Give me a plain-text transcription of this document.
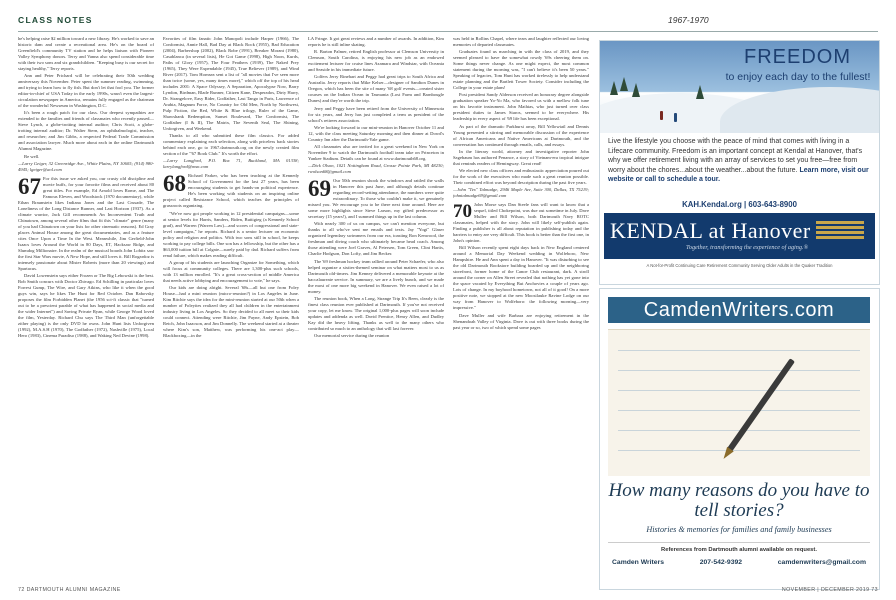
CLASS NOTES	1967-1970

he's helping raise $2 million toward a new library. He's worked to save an historic dam and create a recreational area. He's on the board of Greenfield's community TV station and he helps liaison with Pioneer Valley Symphony donors. Terry and Vanna also spend considerable time with their two sons and six grandchildren. "Keeping busy is our secret for staying healthy," Terry reports.

Ann and Peter Prichard will be celebrating their 50th wedding anniversary this November. Peter spent the summer reading, swimming, and trying to learn how to fly fish. But don't let that fool you. The former editor-in-chief of USA Today in the early 1990s, wasn't even the largest-circulation newspaper in America, remains fully engaged as the chairman of the wonderful Newseum in Washington, D.C.

It's been a rough patch for our class. Our deepest sympathies are extended to the families and friends of classmates who recently passed—Steve Lynch, a globe-trotting internal auditor; Chris Scott, a globe-trotting internal auditor; Dr. Walter Stern, an ophthalmologist, teacher, and researcher; and Jim Gibbs, a respected Federal Trade Commission and association lawyer. Much more about each in the online Dartmouth Alumni Magazine.

Be well.

—Larry Geiger, 32 Greenridge Ave., White Plains, NY 10605; (914) 980-4945; lgeiger@aol.com

67 For this issue we asked you, our crusty old discipline and movie buffs, for your favorite films and received about 80 great titles. For example, Ed Arnold loves Rome, and The Famous Eleven, and Woodstock (1970 documentary), while Ethan Braunstein likes Indiana Jones and the Last Crusade, The Loneliness of the Long Distance Runner, and Last Horizon (1937). As a climate warrior, Jack Gill recommends An Inconvenient Truth and Chinatown, among several other films that fit this "climate" genre (many of you had Chinatown on your lists for other cinematic reasons). Ed Gray places Animal House among the great documentaries, and as a feature cites Once Upon a Time In the West. Meanwhile, Jim Gerfield-John Isaacs loves Around the World in 80 Days, ET, Hacksaw Ridge, and Slumdog Millionaire. In the realm of the musical boards John Lobitz saw the first Star Wars movie, A New Hope, and still loves it. Bill Rogardoz is intensely passionate about Mister Roberts (more than 20 viewings) and Spartacus.

David Lowenstein says either Frozen or The Big Lebowski is the best. Bob Smith concurs with Doctor Zhivago. Ed Schilling in particular loves Forrest Gump, The Wire, and Gary Atkins, who like it when the good guys win, says he likes The Hunt for Red October. Dan Rabovsky proposes the film Forbidden Planet (the 1956 sci-fi classic that "turned out to be a prescient parable of what has happened in social media and the wider Internet") and Saving Private Ryan, while George Wood loved the film, Yesterday. Richard Chu says The Third Man (unforgettable zither playing) is the only DVD he owns. John Hunt lists Unforgiven (1992), M.A.S.H (1970), The Godfather (1972), Nashville (1975), Local Hero (1983), Cinema Paradiso (1988), and Waking Ned Devine (1998).

Favorites of film fanatic John Manopoli include Harper (1966), The Conformist, Annie Hall, Bad Day at Black Rock (1955), Bad Education (2004), Barbershop (2002), Black Robe (1991), Breaker Morant (1980), Casablanca (in several lists), He Got Game (1998), High Noon, Kurds, Paths of Glory (1957), The Four Feathers (1939), The Naked Prey (1965), They Were Expendable (1945), True Believer (1989), and Wind River (2017). Tom Hornsea sent a list of "all movies that I've seen more than twice (some, yes, many times more)," which off the top of his head includes 2001: A Space Odyssey, A Separation, Apocalypse Now, Barry Lyndon, Birdman, Blade Runner, Citizen Kane, Desperados, Dirty Harry, Dr. Strangelove, Easy Rider, Godfather, Last Tango in Paris, Lawrence of Arabia, Magnum Force, No Country for Old Men, North by Northwest, Pulp Fiction, the Red, White & Blue trilogy, Ruler of the Game, Shawshank Redemption, Sunset Boulevard, The Conformist, The Godfather (I & II), The Matrix, The Seventh Seal, The Shining, Unforgiven, and Weekend.

Thanks to all who submitted these film classics. For added commentary explaining each selection, along with priceless back stories behind each one, go to 1967.dartmouth.org on the newly created film section of the "'67 Book Club." It's worth the effort.

—Larry Langford, P.O. Box 71, Buckland, MA 01338; larrylangford@msn.com

68 Richard Parker, who has been teaching at the Kennedy School of Government for the last 27 years, has been encouraging students to get hands-on political experience. He's been working with students on an inspiring online project called Resistance School, which teaches the principles of grassroots organizing.

"We've now got people working in 12 presidential campaigns—some at senior levels for Harris, Sanders, Biden, Buttigieg (a Kennedy School grad), and Warren (Warren Law)—and scores of congressional and state-level campaigns," he reports. Richard is a senior lecturer on economic policy and religion and politics. With two sons still in school, he keeps working to pay college bills. One son has a fellowship, but the other has a $63,000 tuition bill at Colgate—surely paid by dad. Richard suffers from renal failure, which makes reading difficult.

A group of his students are launching Organize for Something, which will focus at community colleges. There are 1,300-plus such schools, with 13 million enrolled. "It's a great cross-section of middle America that needs active lobbying and encouragement to vote," he says.

Our kids are doing alright. Several '68s—all but one from Foley House—had a mini reunion (micro-reunion?) in Los Angeles in June. Kim Ritchie says the idea for the mini-reunion started at our 50th when a number of Foleyites realized they all had children in the entertainment industry living in Los Angeles. So they decided to all meet so their kids could connect. Attending were Ritchie, Jim Payne, Andy Epstein, Bob Reich, John Isaacson, and Jim Donnelly. The weekend started at a theater where Kim's son, Matthew, was performing his one-act play—Blackboxing—in the

LA Fringe. It got great reviews and a number of awards. In addition, Kim reports he is still inline skating.

R. Barton Palmer, retired English professor at Clemson University in Clemson, South Carolina, is enjoying his new job as an endowed excitement lecturer for cruise lines Azamara and Windstar, with Oceania and Seaside in his immediate future.

Golfers Jerry Rinehart and Peggy had great trips to South Africa and Australia. Jerry reports that Mike Kelser—designer of Sandton Dunes in Oregon, which has been the site of many '68 golf events—created sister courses on the Indian Ocean in Tasmania (Lost Farm and Barnbougle Dunes) and they're worth the trip.

Jerry and Peggy have been retired from the University of Minnesota for six years, and Jerry has just completed a term as president of the school's retirees association.

We're looking forward to our mini-reunion in Hanover October 11 and 12, with the class meeting Saturday morning and then dinner at Dowd's Country Inn after the Dartmouth-Yale game.

All classmates also are invited for a great weekend in New York on November 9 to watch the Dartmouth football team take on Princeton in Yankee Stadium. Details can be found at www.dartmouth68.org.

—Dick Olson, 1021 Nottingham Road, Grosse Pointe Park, MI 48230; rwolson68@gmail.com

69 Our 50th reunion shook the windows and rattled the walls in Hanover this past June, and although details continue regarding record-setting attendance, the numbers were quite extraordinary. To those who couldn't make it, we genuinely missed you. We encourage you to be there next time around. Here are some more highlights since Steve Larson, my gifted predecessor as secretary (15 years!), and I summed things up in the last column.

With nearly 300 of us on campus, we can't mention everyone, but thanks to all who've sent me emails and texts. Jay "Yogi" Glaser organized legendary swimmers from our era, toasting Ron Kenwood, the freshman and diving coach who ultimately became head coach. Among those attending were Joel Graves, Al Petersen, Tom Green, Clint Hartis, Charlie Hodgson, Don Lofty, and Jim Becker.

The '69 freshman hockey team rallied around Peter Schaefer, who also helped organize a sixties-themed seminar on what matters most to us as Dartmouth old-timers. Jim Kenney delivered a memorable keynote at the baccalaureate service. In summary, we are a lively bunch, and we made the most of one more big weekend in Hanover. We even raised a lot of money.

The reunion book, When a Long, Strange Trip It's Been, clearly is the finest class reunion ever published at Dartmouth. If you've not received your copy, let me know. The original 1,000-plus pages will soon include updates and addenda as well. David Prentice, Henry Allen, and Dudley Kay did the heavy lifting. Thanks as well to the many others who contributed so much to an anthology that will last forever.

Our memorial service during the reunion

was held in Rollins Chapel, where tears and laughter reflected our loving memories of departed classmates.

Graduates found us marching in with the class of 2019, and they seemed pleased to have the somewhat rowdy '69s cheering them on. Some things never change. As one might expect, the most common statement during the morning was, "I can't believe it's been 50 years." Speaking of legacies, Tom Hunt has worked tirelessly to help understand estate planning and the Bartlett Tower Society. Consider including the College in your estate plans!

Post president Sandy Alderson received an honorary degree alongside graduation speaker Yo-Yo Ma, who favored us with a mellow folk tune on his favorite instrument. John Mathias, who just turned over class president duties to James Staros, seemed to be everywhere. His leadership in every aspect of '69 life has been exceptional.

As part of the dramatic Parkhurst array, Bill Yellowtail and Dennis Young presented a stirring and memorable discussion of the experience of African Americans and Native Americans at Dartmouth, and the conversation has continued through emails, calls, and essays.

In the literary world, attorney and investigative reporter John Sagebaum has authored Penance, a story of Vietnam-era tropical intrigue that reminds readers of Hemingway. Great read!

We elected new class officers and enthusiastic appreciation poured out for the work of the executives who made such a great reunion possible. Their combined effort was beyond description during the past five years.

—John "Tex" Talmadge, 2946 Maple Ave, Suite 300, Dallas, TX 75219; johntalmadge69@gmail.com

70 John Morse says Dan Steele fans will want to know that a sequel, titled Chokepoint, was due out sometime in July. Dave Muller and Bill Wilson, both Dartmouth Navy ROTC classmates, helped with the story. John will likely self-publish again. Finding a publisher is all about reputation in publishing today and the barriers to entry are very difficult. This book is better than the first one, in John's opinion.

Bill Wilson recently spent eight days back in New England centered around a Memorial Day Weekend wedding in Wolfeboro, New Hampshire. He and Ann spent a day in Hanover. "It was disturbing to see the old Dartmouth Bookstore building boarded up and the neighboring storefront, former home of the Canoe Club restaurant, dark. A stroll around the corner on Allen Street revealed that nothing has yet gone into the space vacated by Everything But Anchovies a couple of years ago. Lots of change. In my boyhood hometown, not all of it good! On a more positive note, we stopped at the new Moosilauke Ravine Lodge on our way from Hanover to Wolfeboro: the following morning—very impressive."

Dave Muller and wife Barbara are enjoying retirement in the Shenandoah Valley of Virginia. Dave is out with three books during the past year or so, two of which spend some pages

FREEDOM
to enjoy each day to the fullest!
Live the lifestyle you choose with the peace of mind that comes with living in a Lifecare community. Freedom is an important concept at Kendal at Hanover, that's why we offer retirement living with an array of services to set you free—free from worry about the chores...about the weather...about the future. Learn more, visit our website or call to schedule a tour.
KAH.Kendal.org | 603-643-8900
KENDAL at Hanover
Together, transforming the experience of aging.®
A Not-for-Profit Continuing Care Retirement Community Serving Older Adults in the Quaker Tradition
CamdenWriters.com
How many reasons do you have to tell stories?
Histories & memories for families and family businesses
References from Dartmouth alumni available on request.
Camden Writers	207-542-9392	camdenwriters@gmail.com
72 DARTMOUTH ALUMNI MAGAZINE	NOVEMBER | DECEMBER 2019 73
